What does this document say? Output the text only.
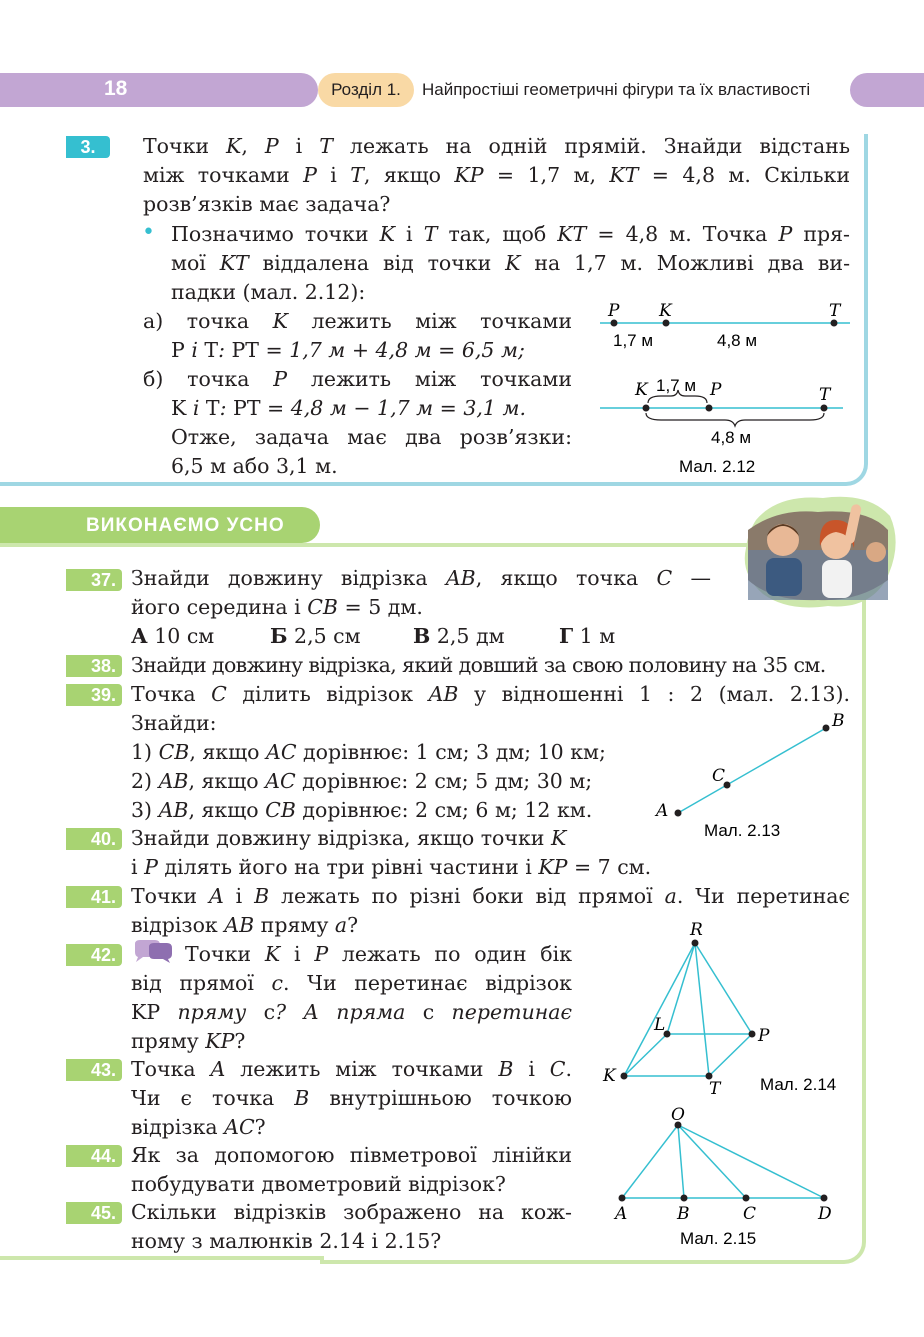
18	Розділ 1.	Найпростіші геометричні фігури та їх властивості
3.	Точки K, P і T лежать на одній прямій. Знайди відстань
між точками P і T, якщо KP = 1,7 м, KT = 4,8 м. Скільки
розв’язків має задача?
• Позначимо точки K і T так, щоб KT = 4,8 м. Точка P пря-
мої KT віддалена від точки K на 1,7 м. Можливі два ви-
падки (мал. 2.12):
а) точка K лежить між точками
P і T: PT = 1,7 м + 4,8 м = 6,5 м;
б) точка P лежить між точками
K і T: PT = 4,8 м − 1,7 м = 3,1 м.
Отже, задача має два розв’язки:
6,5 м або 3,1 м.
P K	T
1,7 м	4,8 м
K	P	T
1,7 м
4,8 м
Мал. 2.12
ВИКОНАЄМО УСНО
37. Знайди довжину відрізка AB, якщо точка C —
його середина і CB = 5 дм.
А 10 см	Б 2,5 см	В 2,5 дм	Г 1 м
38. Знайди довжину відрізка, який довший за свою половину на 35 см.
39. Точка C ділить відрізок AB у відношенні 1 : 2 (мал. 2.13).
Знайди:
1) CB, якщо AC дорівнює: 1 см; 3 дм; 10 км;
2) AB, якщо AC дорівнює: 2 см; 5 дм; 30 м;
3) AB, якщо CB дорівнює: 2 см; 6 м; 12 км.	A
C
B
Мал. 2.13
40. Знайди довжину відрізка, якщо точки K
і P ділять його на три рівні частини і KP = 7 см.
41. Точки A і B лежать по різні боки від прямої a. Чи перетинає
відрізок AB пряму a?
42.	Точки K і P лежать по один бік
від прямої c. Чи перетинає відрізок
KP пряму c? А пряма c перетинає
пряму KP?
R
L
P
K
T Мал. 2.14
43. Точка A лежить між точками B і C.
Чи є точка B внутрішньою точкою
відрізка AC?
44. Як за допомогою півметрової лінійки
побудувати двометровий відрізок?
45. Скільки відрізків зображено на кож-
ному з малюнків 2.14 і 2.15?
O
A	B	C	D
Мал. 2.15
